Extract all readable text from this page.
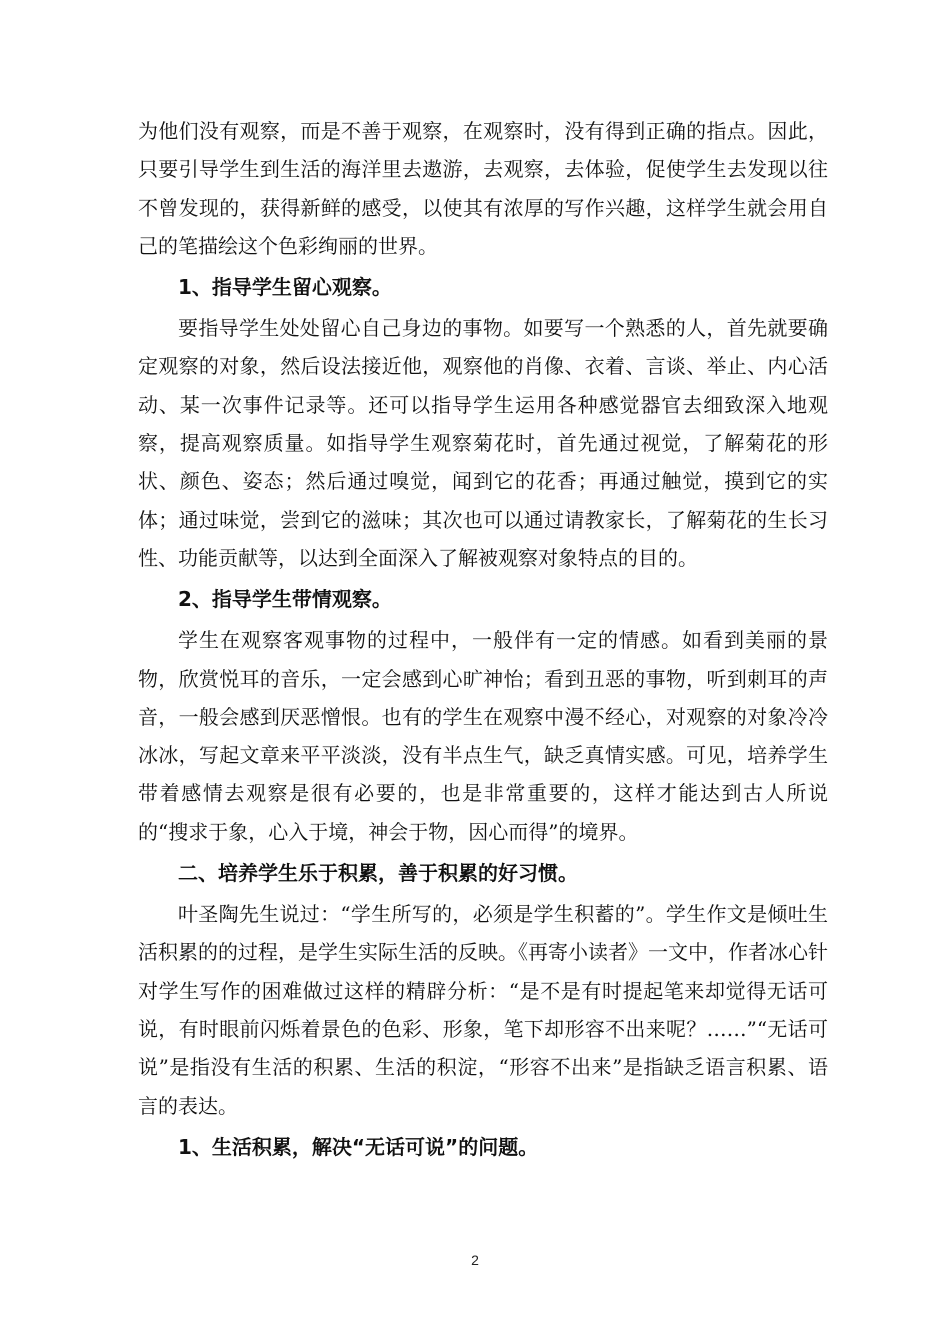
为他们没有观察，而是不善于观察，在观察时，没有得到正确的指点。因此，只要引导学生到生活的海洋里去遨游，去观察，去体验，促使学生去发现以往不曾发现的，获得新鲜的感受，以使其有浓厚的写作兴趣，这样学生就会用自己的笔描绘这个色彩绚丽的世界。

1、指导学生留心观察。

要指导学生处处留心自己身边的事物。如要写一个熟悉的人，首先就要确定观察的对象，然后设法接近他，观察他的肖像、衣着、言谈、举止、内心活动、某一次事件记录等。还可以指导学生运用各种感觉器官去细致深入地观察，提高观察质量。如指导学生观察菊花时，首先通过视觉，了解菊花的形状、颜色、姿态；然后通过嗅觉，闻到它的花香；再通过触觉，摸到它的实体；通过味觉，尝到它的滋味；其次也可以通过请教家长，了解菊花的生长习性、功能贡献等，以达到全面深入了解被观察对象特点的目的。

2、指导学生带情观察。

学生在观察客观事物的过程中，一般伴有一定的情感。如看到美丽的景物，欣赏悦耳的音乐，一定会感到心旷神怡；看到丑恶的事物，听到刺耳的声音，一般会感到厌恶憎恨。也有的学生在观察中漫不经心，对观察的对象冷冷冰冰，写起文章来平平淡淡，没有半点生气，缺乏真情实感。可见，培养学生带着感情去观察是很有必要的，也是非常重要的，这样才能达到古人所说的“搜求于象，心入于境，神会于物，因心而得”的境界。

二、培养学生乐于积累，善于积累的好习惯。

叶圣陶先生说过：“学生所写的，必须是学生积蓄的”。学生作文是倾吐生活积累的的过程，是学生实际生活的反映。《再寄小读者》一文中，作者冰心针对学生写作的困难做过这样的精辟分析：“是不是有时提起笔来却觉得无话可说，有时眼前闪烁着景色的色彩、形象，笔下却形容不出来呢？……”“无话可说”是指没有生活的积累、生活的积淀，“形容不出来”是指缺乏语言积累、语言的表达。

1、生活积累，解决“无话可说”的问题。

2
